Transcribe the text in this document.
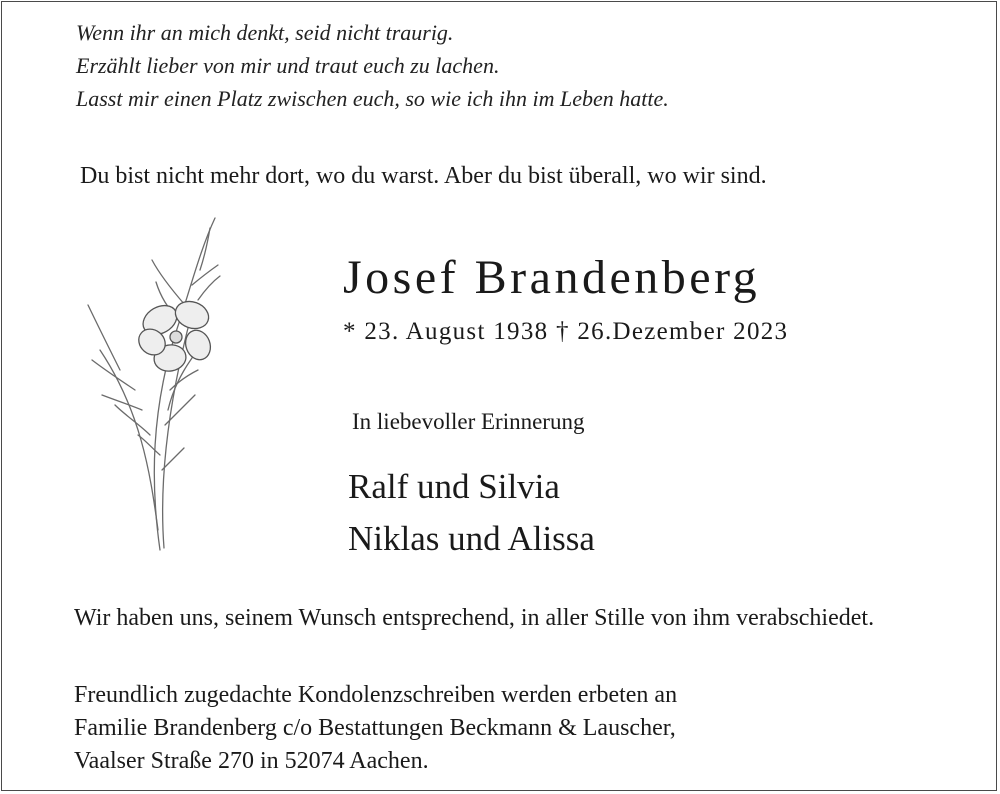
Wenn ihr an mich denkt, seid nicht traurig.
Erzählt lieber von mir und traut euch zu lachen.
Lasst mir einen Platz zwischen euch, so wie ich ihn im Leben hatte.
Du bist nicht mehr dort, wo du warst. Aber du bist überall, wo wir sind.
Josef Brandenberg
* 23. August 1938 † 26.Dezember 2023
In liebevoller Erinnerung
Ralf und Silvia
Niklas und Alissa
Wir haben uns, seinem Wunsch entsprechend, in aller Stille von ihm verabschiedet.
Freundlich zugedachte Kondolenzschreiben werden erbeten an
Familie Brandenberg c/o Bestattungen Beckmann & Lauscher,
Vaalser Straße 270 in 52074 Aachen.
